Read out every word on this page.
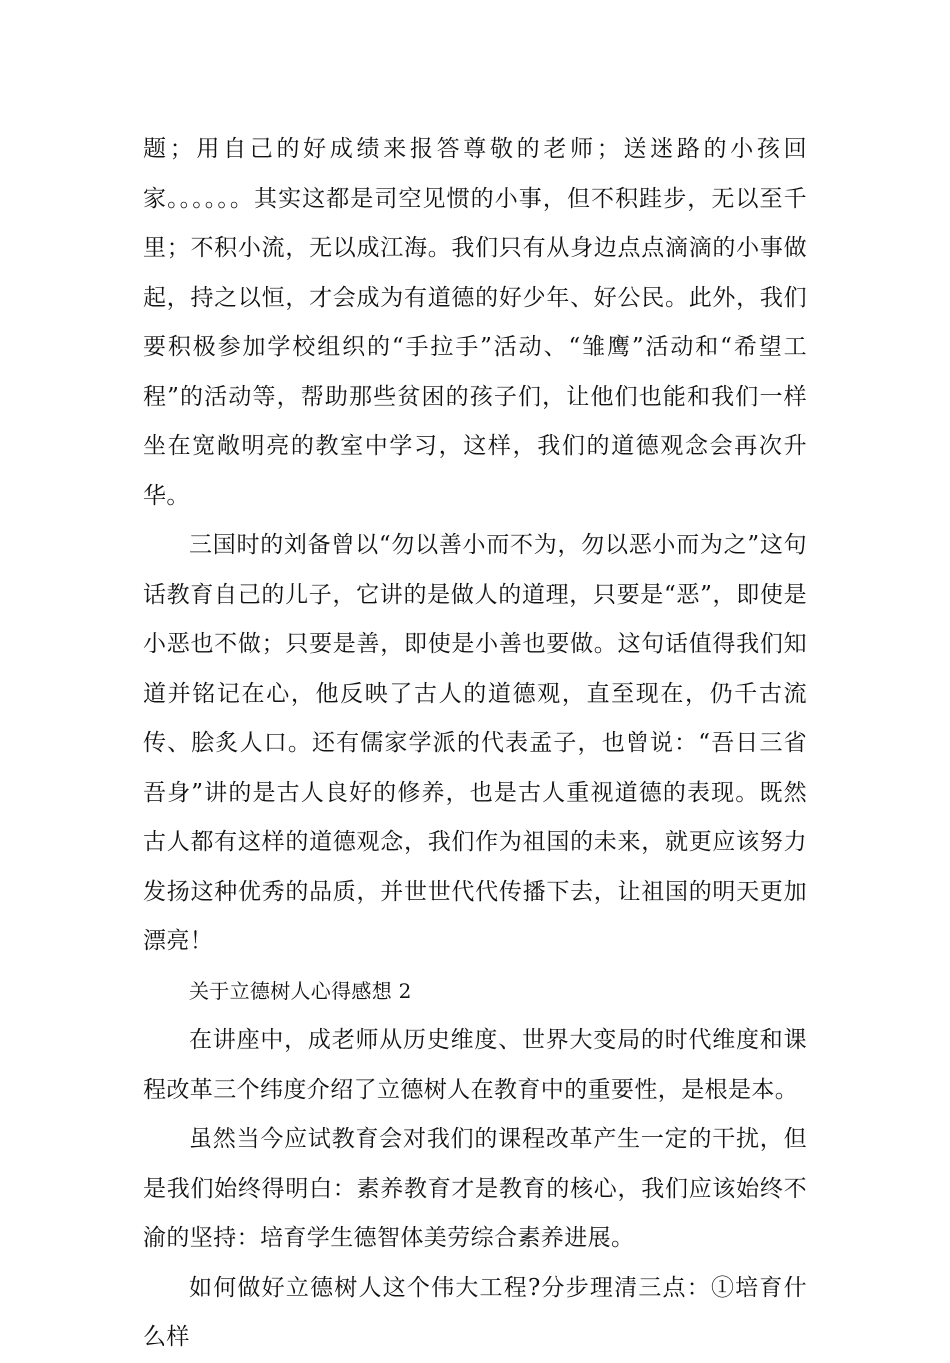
题；用自己的好成绩来报答尊敬的老师；送迷路的小孩回家。。。。。。其实这都是司空见惯的小事，但不积跬步，无以至千里；不积小流，无以成江海。我们只有从身边点点滴滴的小事做起，持之以恒，才会成为有道德的好少年、好公民。此外，我们要积极参加学校组织的“手拉手”活动、“雏鹰”活动和“希望工程”的活动等，帮助那些贫困的孩子们，让他们也能和我们一样坐在宽敞明亮的教室中学习，这样，我们的道德观念会再次升华。

三国时的刘备曾以“勿以善小而不为，勿以恶小而为之”这句话教育自己的儿子，它讲的是做人的道理，只要是“恶”，即使是小恶也不做；只要是善，即使是小善也要做。这句话值得我们知道并铭记在心，他反映了古人的道德观，直至现在，仍千古流传、脍炙人口。还有儒家学派的代表孟子，也曾说：“吾日三省吾身”讲的是古人良好的修养，也是古人重视道德的表现。既然古人都有这样的道德观念，我们作为祖国的未来，就更应该努力发扬这种优秀的品质，并世世代代传播下去，让祖国的明天更加漂亮！

关于立德树人心得感想 2

在讲座中，成老师从历史维度、世界大变局的时代维度和课程改革三个纬度介绍了立德树人在教育中的重要性，是根是本。

虽然当今应试教育会对我们的课程改革产生一定的干扰，但是我们始终得明白：素养教育才是教育的核心，我们应该始终不渝的坚持：培育学生德智体美劳综合素养进展。

如何做好立德树人这个伟大工程?分步理清三点：①培育什么样
